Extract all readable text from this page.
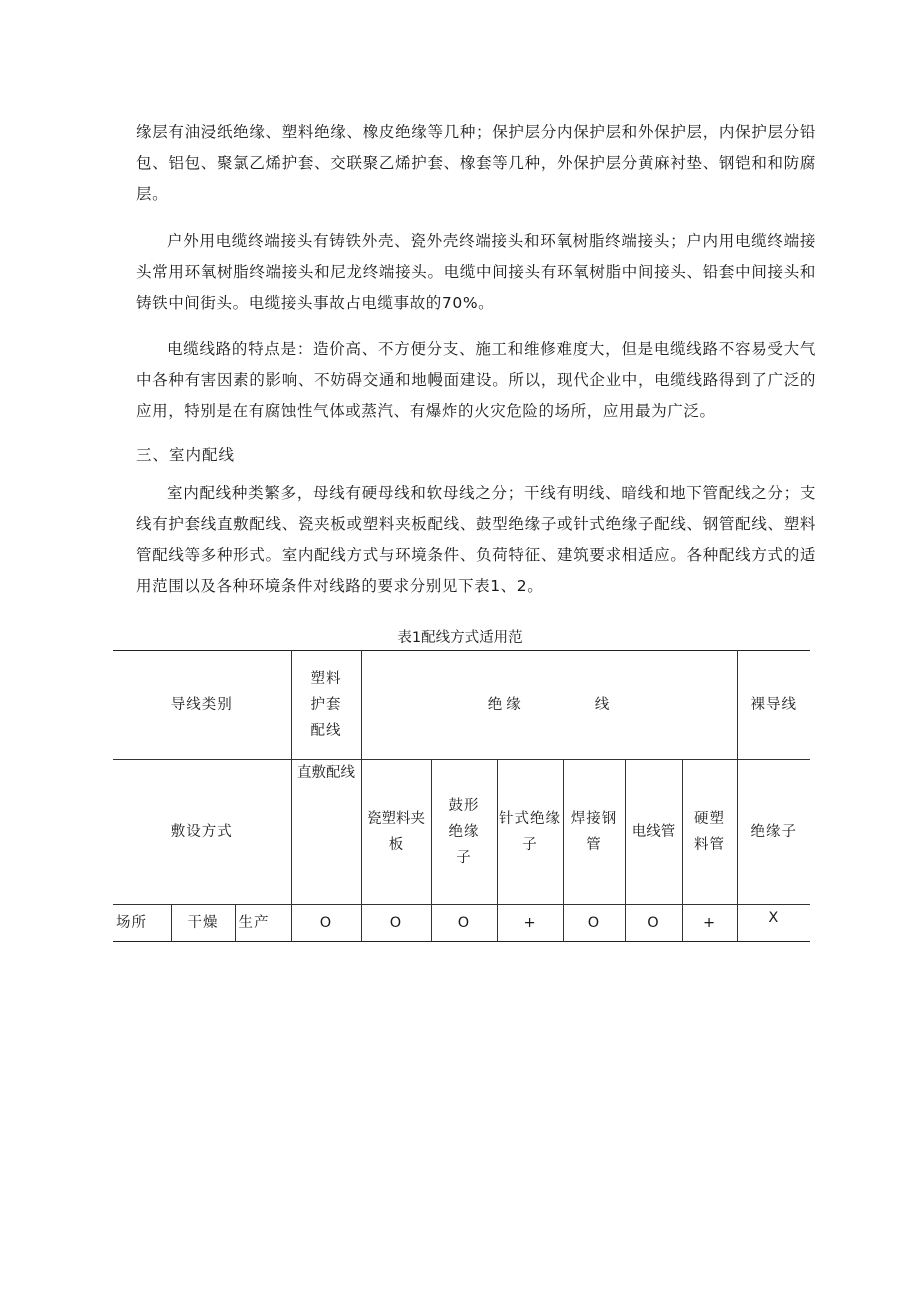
缘层有油浸纸绝缘、塑料绝缘、橡皮绝缘等几种；保护层分内保护层和外保护层，内保护层分铅包、铝包、聚氯乙烯护套、交联聚乙烯护套、橡套等几种，外保护层分黄麻衬垫、钢铠和和防腐层。

户外用电缆终端接头有铸铁外壳、瓷外壳终端接头和环氧树脂终端接头；户内用电缆终端接头常用环氧树脂终端接头和尼龙终端接头。电缆中间接头有环氧树脂中间接头、铅套中间接头和铸铁中间街头。电缆接头事故占电缆事故的70%。

电缆线路的特点是：造价高、不方便分支、施工和维修难度大，但是电缆线路不容易受大气中各种有害因素的影响、不妨碍交通和地幔面建设。所以，现代企业中，电缆线路得到了广泛的应用，特别是在有腐蚀性气体或蒸汽、有爆炸的火灾危险的场所，应用最为广泛。

三、室内配线

室内配线种类繁多，母线有硬母线和软母线之分；干线有明线、暗线和地下管配线之分；支线有护套线直敷配线、瓷夹板或塑料夹板配线、鼓型绝缘子或针式绝缘子配线、钢管配线、塑料管配线等多种形式。室内配线方式与环境条件、负荷特征、建筑要求相适应。各种配线方式的适用范围以及各种环境条件对线路的要求分别见下表1、2。

表1配线方式适用范
导线类别			塑料护套配线	绝缘 线						裸导线
敷设方式			直敷配线	瓷塑料夹板	鼓形绝缘子	针式绝缘子	焊接钢管	电线管	硬塑料管	绝缘子
场所	干燥	生产	O	O	O	+	O	O	+	X
